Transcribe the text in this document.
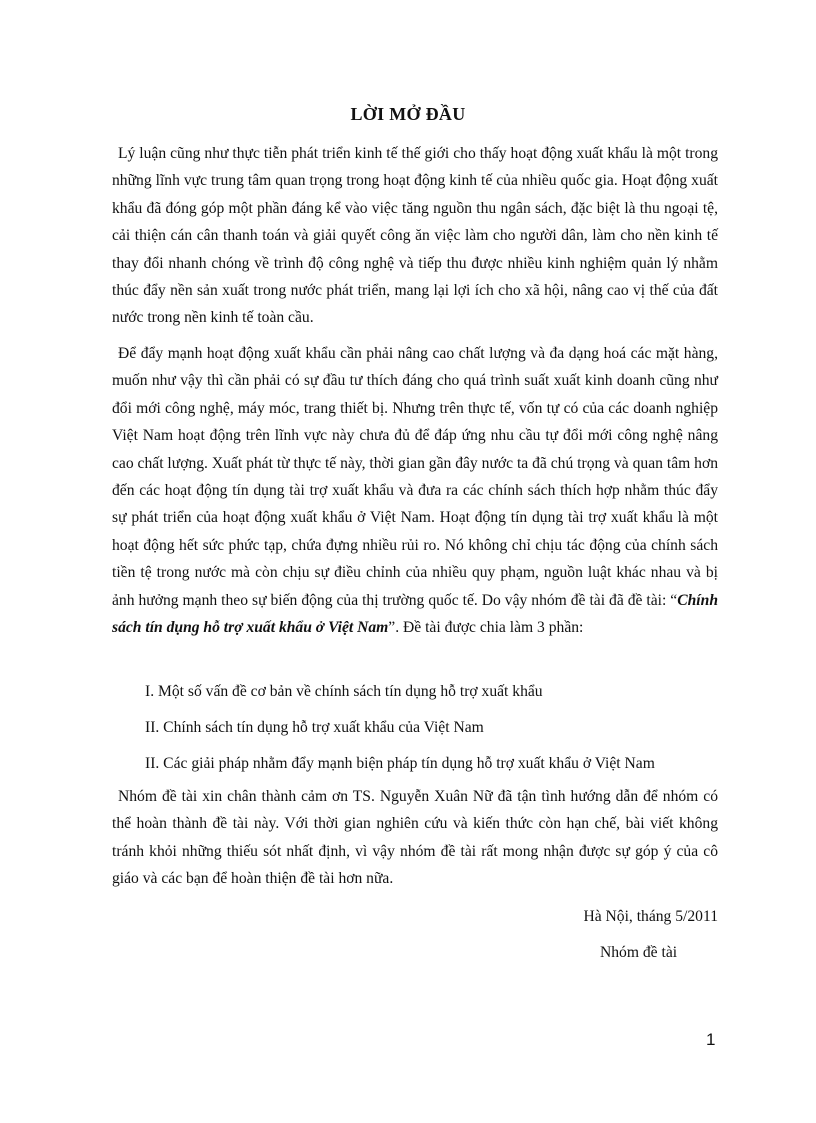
LỜI MỞ ĐẦU

Lý luận cũng như thực tiễn phát triển kinh tế thế giới cho thấy hoạt động xuất khẩu là một trong những lĩnh vực trung tâm quan trọng trong hoạt động kinh tế của nhiều quốc gia. Hoạt động xuất khẩu đã đóng góp một phần đáng kể vào việc tăng nguồn thu ngân sách, đặc biệt là thu ngoại tệ, cải thiện cán cân thanh toán và giải quyết công ăn việc làm cho người dân, làm cho nền kinh tế thay đổi nhanh chóng về trình độ công nghệ và tiếp thu được nhiều kinh nghiệm quản lý nhằm thúc đẩy nền sản xuất trong nước phát triển, mang lại lợi ích cho xã hội, nâng cao vị thế của đất nước trong nền kinh tế toàn cầu.

Để đẩy mạnh hoạt động xuất khẩu cần phải nâng cao chất lượng và đa dạng hoá các mặt hàng, muốn như vậy thì cần phải có sự đầu tư thích đáng cho quá trình suất xuất kinh doanh cũng như đổi mới công nghệ, máy móc, trang thiết bị. Nhưng trên thực tế, vốn tự có của các doanh nghiệp Việt Nam hoạt động trên lĩnh vực này chưa đủ để đáp ứng nhu cầu tự đổi mới công nghệ nâng cao chất lượng. Xuất phát từ thực tế này, thời gian gần đây nước ta đã chú trọng và quan tâm hơn đến các hoạt động tín dụng tài trợ xuất khẩu và đưa ra các chính sách thích hợp nhằm thúc đẩy sự phát triển của hoạt động xuất khẩu ở Việt Nam. Hoạt động tín dụng tài trợ xuất khẩu là một hoạt động hết sức phức tạp, chứa đựng nhiều rủi ro. Nó không chỉ chịu tác động của chính sách tiền tệ trong nước mà còn chịu sự điều chỉnh của nhiều quy phạm, nguồn luật khác nhau và bị ảnh hưởng mạnh theo sự biến động của thị trường quốc tế. Do vậy nhóm đề tài đã đề tài: “Chính sách tín dụng hỗ trợ xuất khẩu ở Việt Nam”. Đề tài được chia làm 3 phần:

I. Một số vấn đề cơ bản về chính sách tín dụng hỗ trợ xuất khẩu
II. Chính sách tín dụng hỗ trợ xuất khẩu của Việt Nam
II. Các giải pháp nhằm đẩy mạnh biện pháp tín dụng hỗ trợ xuất khẩu ở Việt Nam

Nhóm đề tài xin chân thành cảm ơn TS. Nguyễn Xuân Nữ đã tận tình hướng dẫn để nhóm có thể hoàn thành đề tài này. Với thời gian nghiên cứu và kiến thức còn hạn chế, bài viết không tránh khỏi những thiếu sót nhất định, vì vậy nhóm đề tài rất mong nhận được sự góp ý của cô giáo và các bạn để hoàn thiện đề tài hơn nữa.

Hà Nội, tháng 5/2011
Nhóm đề tài
1
